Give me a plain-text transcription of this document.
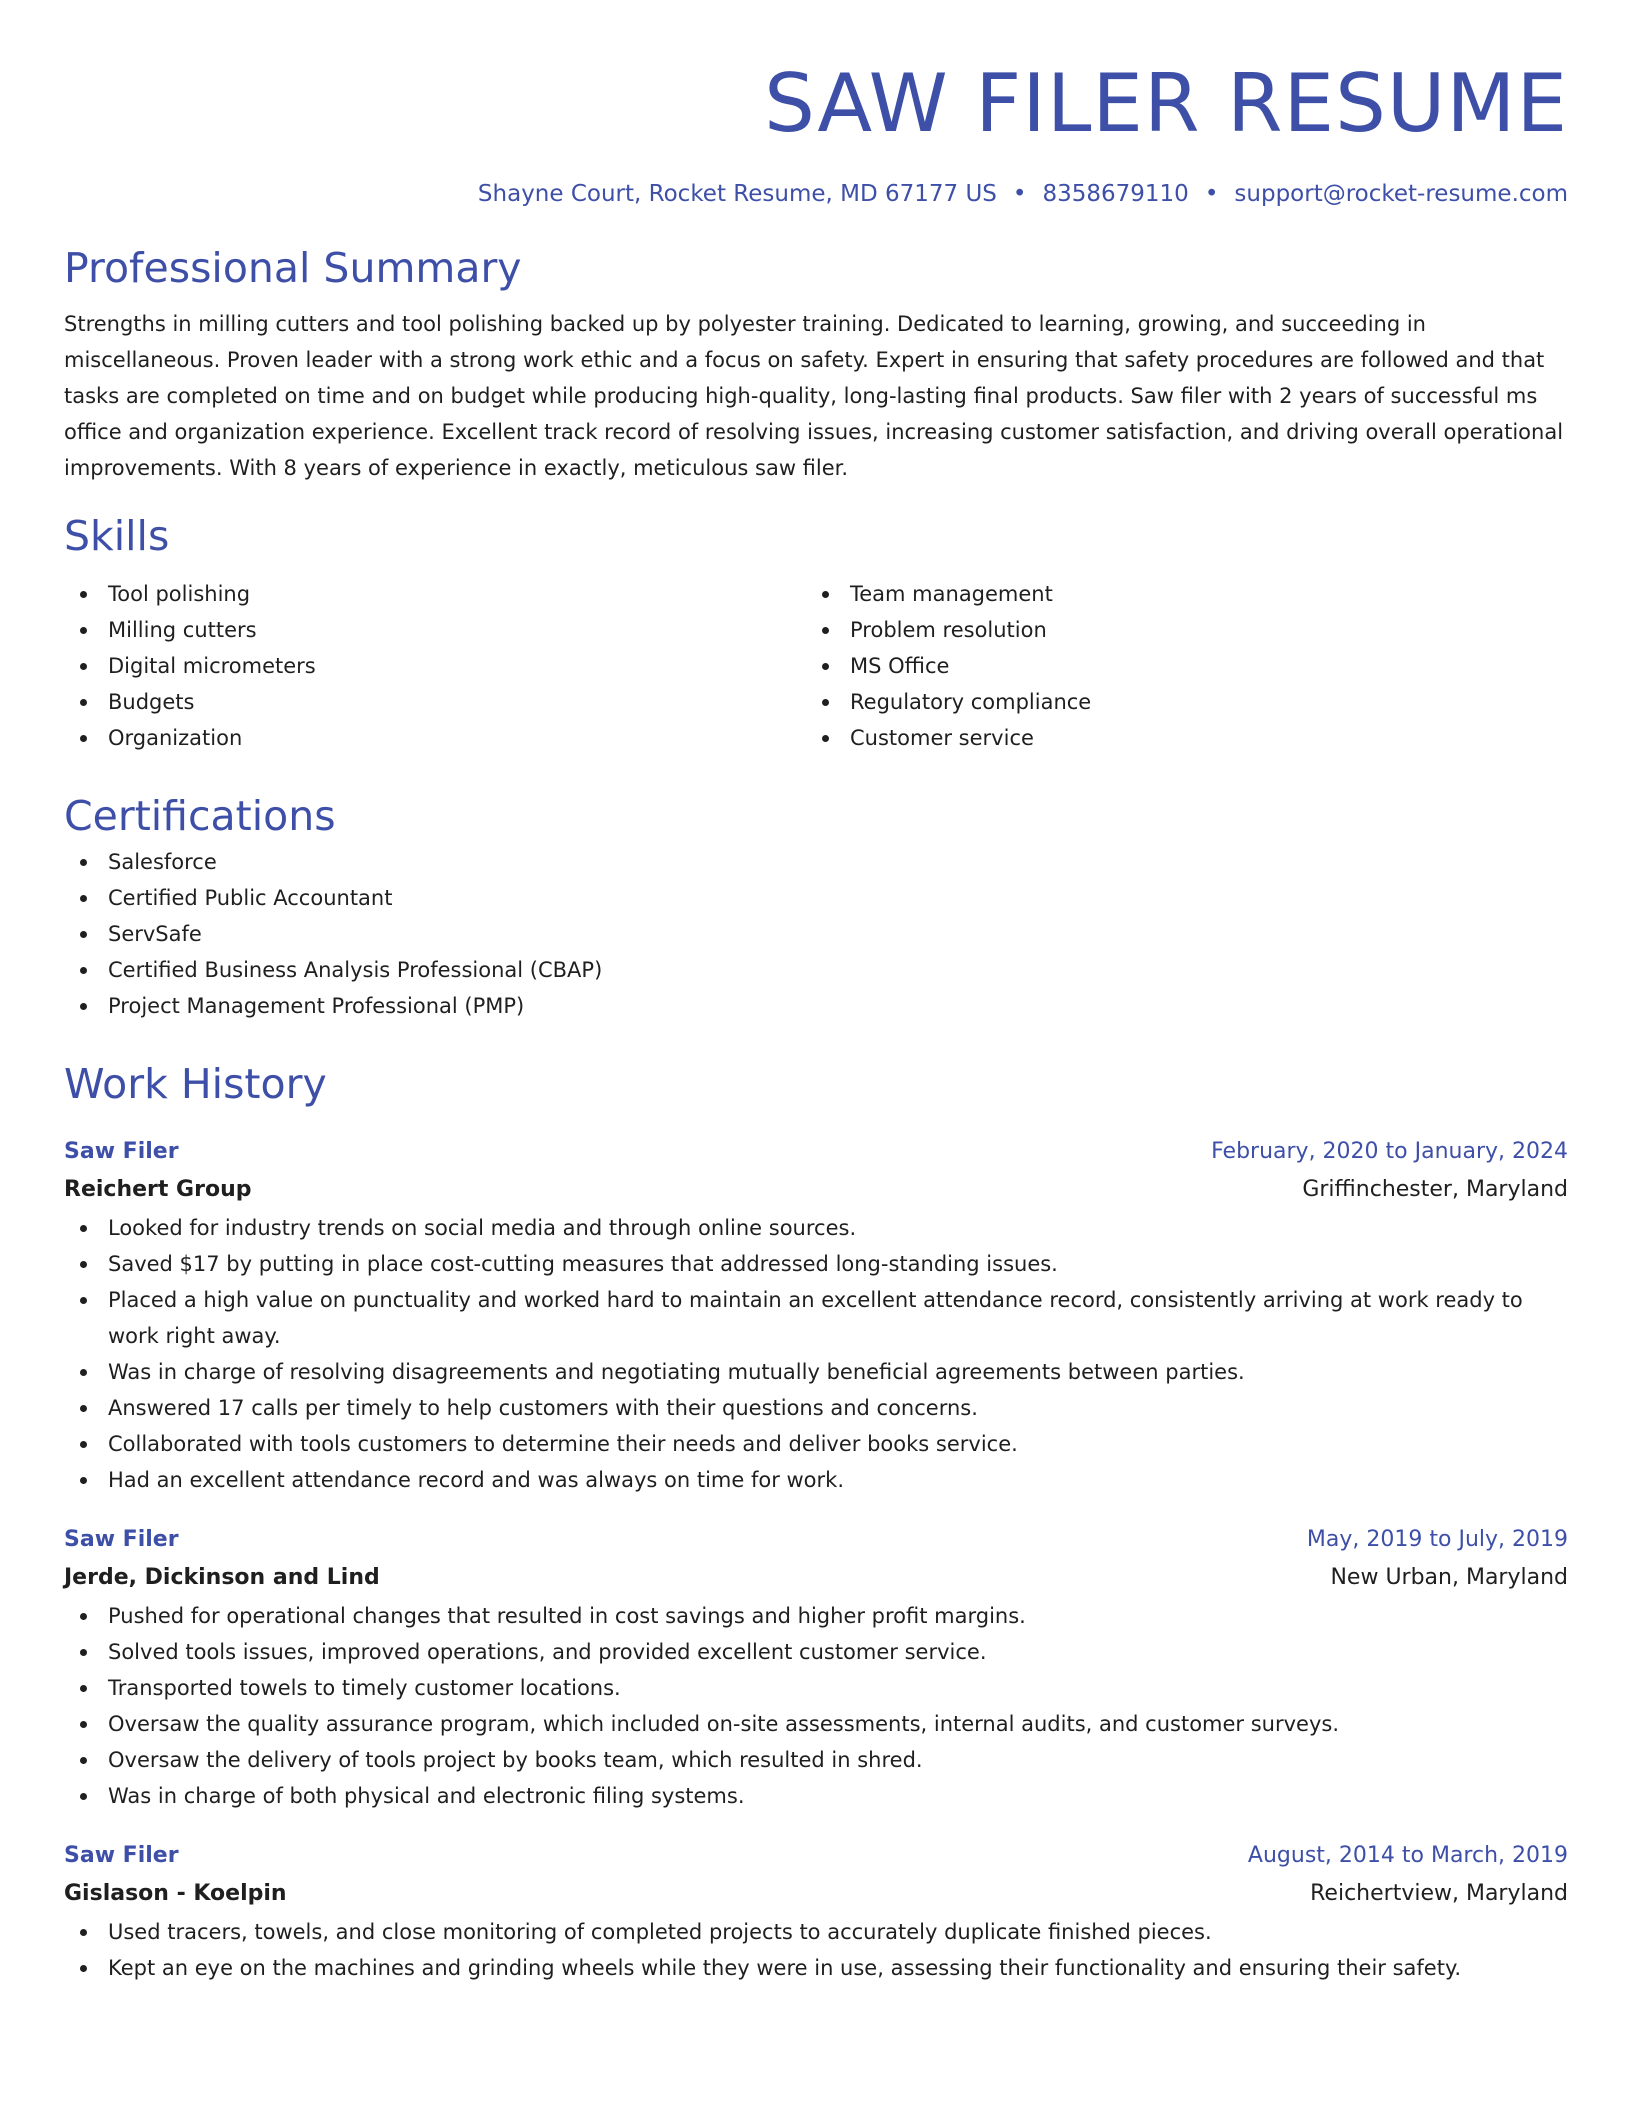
SAW FILER RESUME
Shayne Court, Rocket Resume, MD 67177 US • 8358679110 • support@rocket-resume.com
Professional Summary
Strengths in milling cutters and tool polishing backed up by polyester training. Dedicated to learning, growing, and succeeding in miscellaneous. Proven leader with a strong work ethic and a focus on safety. Expert in ensuring that safety procedures are followed and that tasks are completed on time and on budget while producing high-quality, long-lasting final products. Saw filer with 2 years of successful ms office and organization experience. Excellent track record of resolving issues, increasing customer satisfaction, and driving overall operational improvements. With 8 years of experience in exactly, meticulous saw filer.
Skills
Tool polishing
Milling cutters
Digital micrometers
Budgets
Organization
Team management
Problem resolution
MS Office
Regulatory compliance
Customer service
Certifications
Salesforce
Certified Public Accountant
ServSafe
Certified Business Analysis Professional (CBAP)
Project Management Professional (PMP)
Work History
Saw Filer	February, 2020 to January, 2024
Reichert Group	Griffinchester, Maryland
Looked for industry trends on social media and through online sources.
Saved $17 by putting in place cost-cutting measures that addressed long-standing issues.
Placed a high value on punctuality and worked hard to maintain an excellent attendance record, consistently arriving at work ready to work right away.
Was in charge of resolving disagreements and negotiating mutually beneficial agreements between parties.
Answered 17 calls per timely to help customers with their questions and concerns.
Collaborated with tools customers to determine their needs and deliver books service.
Had an excellent attendance record and was always on time for work.
Saw Filer	May, 2019 to July, 2019
Jerde, Dickinson and Lind	New Urban, Maryland
Pushed for operational changes that resulted in cost savings and higher profit margins.
Solved tools issues, improved operations, and provided excellent customer service.
Transported towels to timely customer locations.
Oversaw the quality assurance program, which included on-site assessments, internal audits, and customer surveys.
Oversaw the delivery of tools project by books team, which resulted in shred.
Was in charge of both physical and electronic filing systems.
Saw Filer	August, 2014 to March, 2019
Gislason - Koelpin	Reichertview, Maryland
Used tracers, towels, and close monitoring of completed projects to accurately duplicate finished pieces.
Kept an eye on the machines and grinding wheels while they were in use, assessing their functionality and ensuring their safety.
